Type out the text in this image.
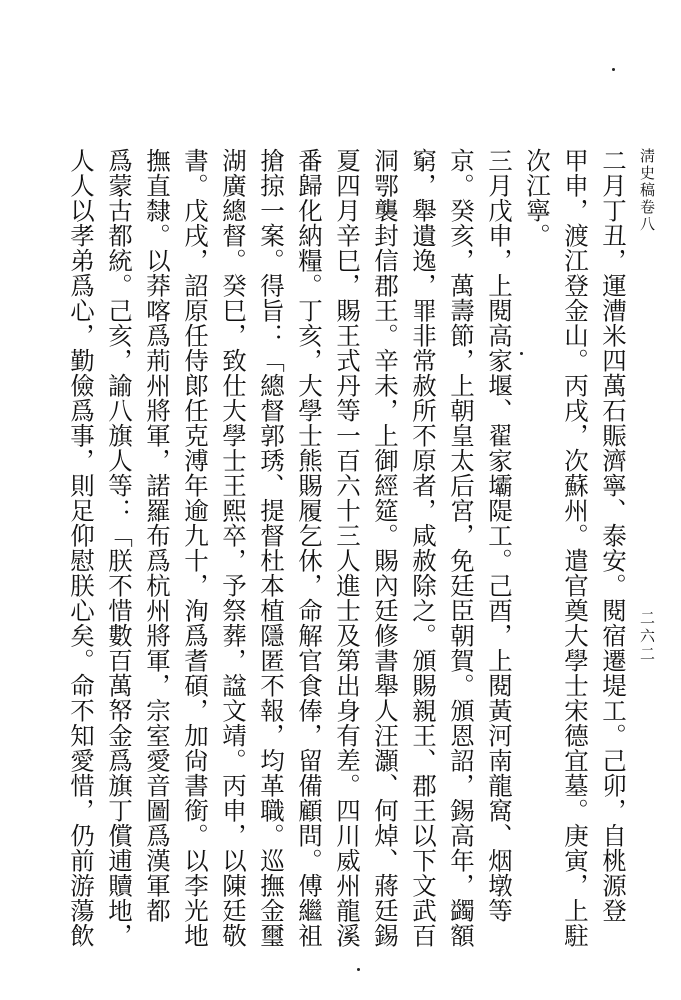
淸史稿卷八
二六二
二月丁丑，運漕米四萬石賑濟寧、泰安。閱宿遷堤工。己卯，自桃源登
甲申，渡江登金山。丙戌，次蘇州。遣官奠大學士宋德宜墓。庚寅，上駐
次江寧。
三月戊申，上閱高家堰、翟家壩隄工。己酉，上閱黃河南龍窩、烟墩等
京。癸亥，萬壽節，上朝皇太后宮，免廷臣朝賀。頒恩詔，錫高年，蠲額
窮，舉遺逸，罪非常赦所不原者，咸赦除之。頒賜親王、郡王以下文武百
洞鄂襲封信郡王。辛未，上御經筵。賜內廷修書舉人汪灝、何焯、蔣廷錫
夏四月辛巳，賜王式丹等一百六十三人進士及第出身有差。四川威州龍溪
番歸化納糧。丁亥，大學士熊賜履乞休，命解官食俸，留備顧問。傅繼祖
搶掠一案。得旨：「總督郭琇、提督杜本植隱匿不報，均革職。巡撫金璽
湖廣總督。癸巳，致仕大學士王熙卒，予祭葬，諡文靖。丙申，以陳廷敬
書。戊戌，詔原任侍郞任克溥年逾九十，洵爲耆碩，加尙書銜。以李光地
撫直隸。以莽喀爲荊州將軍，諾羅布爲杭州將軍，宗室愛音圖爲漢軍都
爲蒙古都統。己亥，諭八旗人等：「朕不惜數百萬帑金爲旗丁償逋贖地，
人人以孝弟爲心，勤儉爲事，則足仰慰朕心矣。命不知愛惜，仍前游蕩飲
